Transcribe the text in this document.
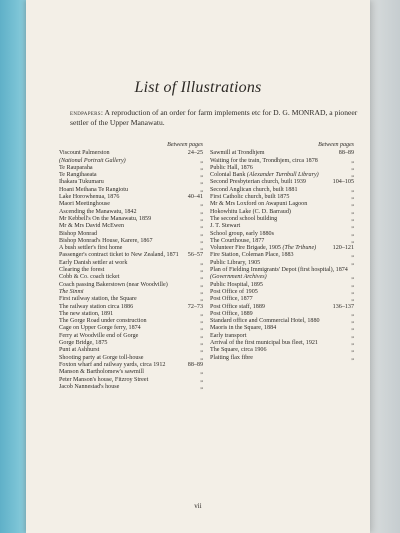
List of Illustrations

endpapers: A reproduction of an order for farm implements etc for D. G. MONRAD, a pioneer settler of the Upper Manawatu.

Between pages
Viscount Palmerston	24–25
(National Portrait Gallery)	„
Te Rauparaha	„
Te Rangihaeata	„
Ihakara Tukumaru	„
Hoani Meihana Te Rangiotu	„
Lake Horowhenua, 1876	40–41
Maori Meetinghouse	„
Ascending the Manawatu, 1842	„
Mr Kebbell's On the Manawatu, 1859	„
Mr & Mrs David McEwen	„
Bishop Monrad	„
Bishop Monrad's House, Karere, 1867	„
A bush settler's first home	„
Passenger's contract ticket to New Zealand, 1871	56–57
Early Danish settler at work	„
Clearing the forest	„
Cobb & Co. coach ticket	„
Coach passing Bakerstown (near Woodville)	„
The Sinmi	„
First railway station, the Square	„
The railway station circa 1886	72–73
The new station, 1891	„
The Gorge Road under construction	„
Cage on Upper Gorge ferry, 1874	„
Ferry at Woodville end of Gorge	„
Gorge Bridge, 1875	„
Punt at Ashhurst	„
Shooting party at Gorge toll-house	„
Foxton wharf and railway yards, circa 1912	88–89
Manson & Bartholomew's sawmill	„
Peter Manson's house, Fitzroy Street	„
Jacob Nannestad's house	„
Between pages
Sawmill at Trondhjem	88–89
Waiting for the train, Trondhjem, circa 1878	„
Public Hall, 1876	„
Colonial Bank (Alexander Turnbull Library)	„
Second Presbyterian church, built 1939	104–105
Second Anglican church, built 1881	„
First Catholic church, built 1875	„
Mr & Mrs Loxford on Awapuni Lagoon	„
Hokowhitu Lake (C. D. Barraud)	„
The second school building	„
J. T. Stewart	„
School group, early 1880s	„
The Courthouse, 1877	„
Volunteer Fire Brigade, 1905 (The Tribune)	120–121
Fire Station, Coleman Place, 1883	„
Public Library, 1905	„
Plan of Fielding Immigrants' Depot (first hospital), 1874 (Government Archives)	„
Public Hospital, 1895	„
Post Office of 1905	„
Post Office, 1877	„
Post Office staff, 1889	136–137
Post Office, 1889	„
Standard office and Commercial Hotel, 1880	„
Maoris in the Square, 1884	„
Early transport	„
Arrival of the first municipal bus fleet, 1921	„
The Square, circa 1906	„
Plaiting flax fibre	„
vii
